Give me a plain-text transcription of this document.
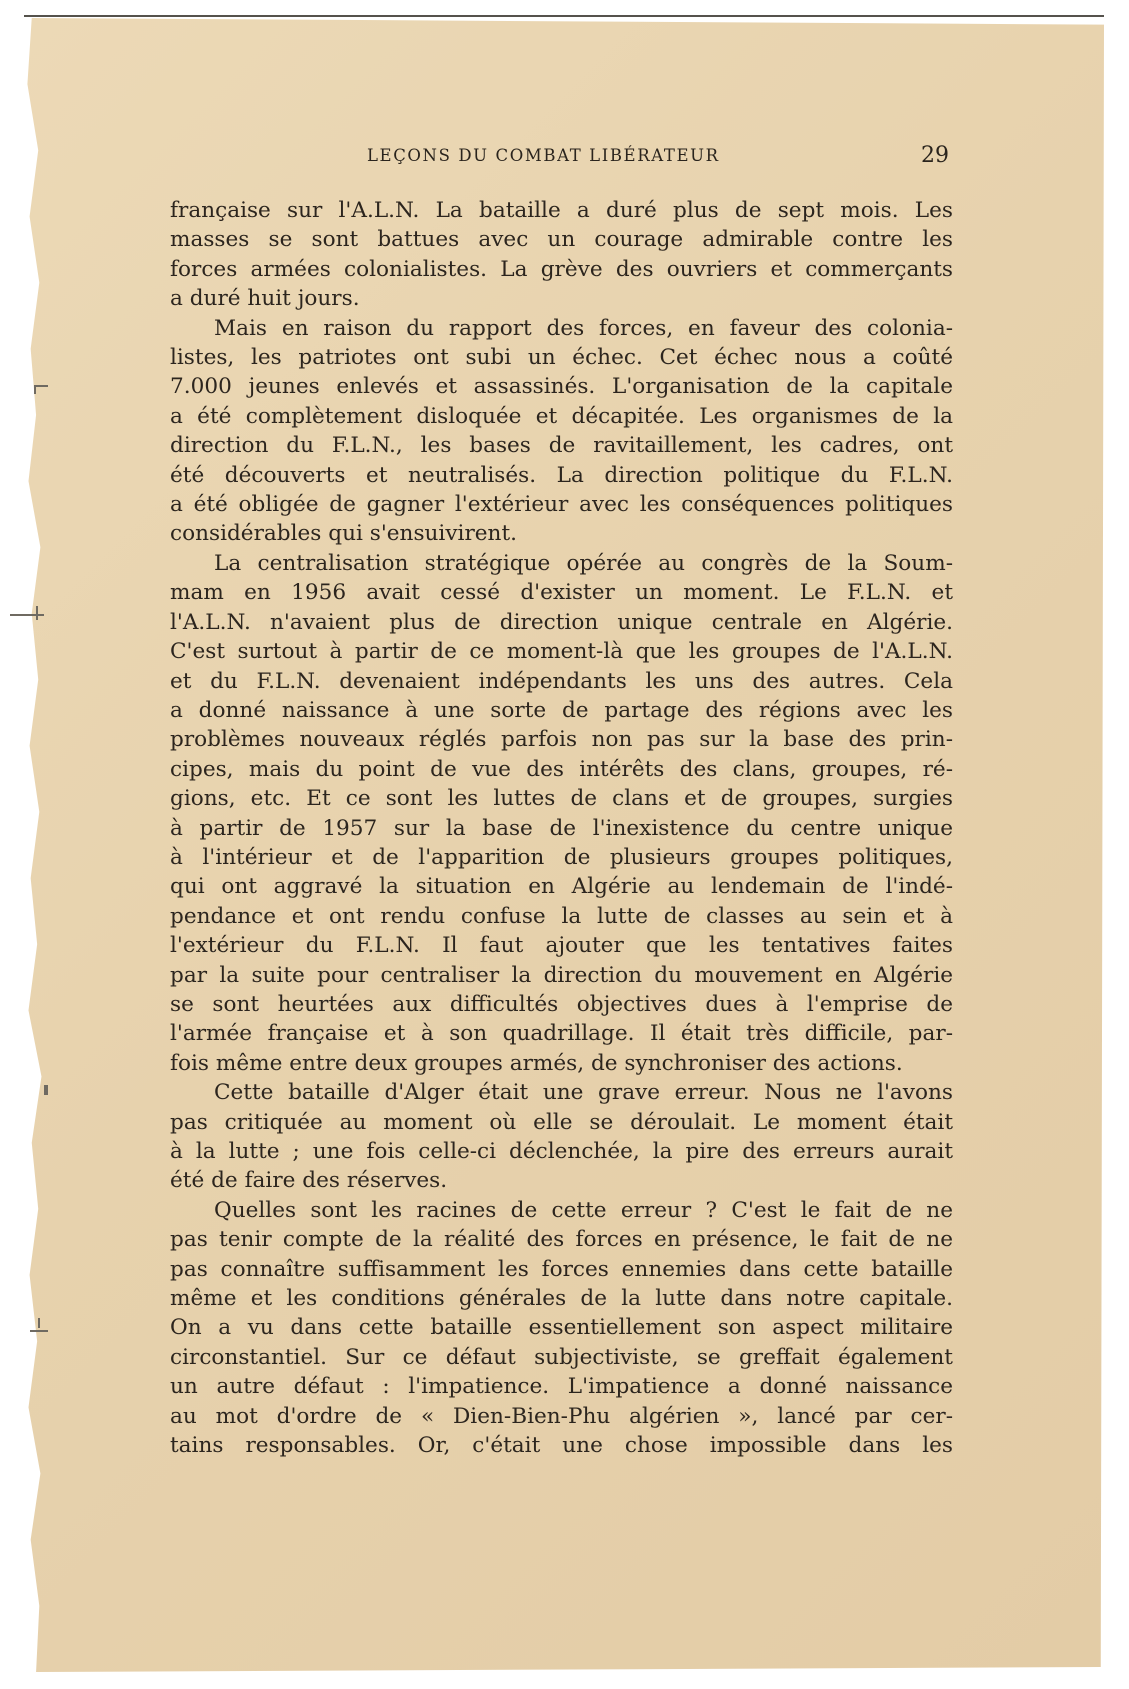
LEÇONS DU COMBAT LIBÉRATEUR	29
française sur l'A.L.N. La bataille a duré plus de sept mois. Les
masses se sont battues avec un courage admirable contre les
forces armées colonialistes. La grève des ouvriers et commerçants
a duré huit jours.
Mais en raison du rapport des forces, en faveur des colonia-
listes, les patriotes ont subi un échec. Cet échec nous a coûté
7.000 jeunes enlevés et assassinés. L'organisation de la capitale
a été complètement disloquée et décapitée. Les organismes de la
direction du F.L.N., les bases de ravitaillement, les cadres, ont
été découverts et neutralisés. La direction politique du F.L.N.
a été obligée de gagner l'extérieur avec les conséquences politiques
considérables qui s'ensuivirent.
La centralisation stratégique opérée au congrès de la Soum-
mam en 1956 avait cessé d'exister un moment. Le F.L.N. et
l'A.L.N. n'avaient plus de direction unique centrale en Algérie.
C'est surtout à partir de ce moment-là que les groupes de l'A.L.N.
et du F.L.N. devenaient indépendants les uns des autres. Cela
a donné naissance à une sorte de partage des régions avec les
problèmes nouveaux réglés parfois non pas sur la base des prin-
cipes, mais du point de vue des intérêts des clans, groupes, ré-
gions, etc. Et ce sont les luttes de clans et de groupes, surgies
à partir de 1957 sur la base de l'inexistence du centre unique
à l'intérieur et de l'apparition de plusieurs groupes politiques,
qui ont aggravé la situation en Algérie au lendemain de l'indé-
pendance et ont rendu confuse la lutte de classes au sein et à
l'extérieur du F.L.N. Il faut ajouter que les tentatives faites
par la suite pour centraliser la direction du mouvement en Algérie
se sont heurtées aux difficultés objectives dues à l'emprise de
l'armée française et à son quadrillage. Il était très difficile, par-
fois même entre deux groupes armés, de synchroniser des actions.
Cette bataille d'Alger était une grave erreur. Nous ne l'avons
pas critiquée au moment où elle se déroulait. Le moment était
à la lutte ; une fois celle-ci déclenchée, la pire des erreurs aurait
été de faire des réserves.
Quelles sont les racines de cette erreur ? C'est le fait de ne
pas tenir compte de la réalité des forces en présence, le fait de ne
pas connaître suffisamment les forces ennemies dans cette bataille
même et les conditions générales de la lutte dans notre capitale.
On a vu dans cette bataille essentiellement son aspect militaire
circonstantiel. Sur ce défaut subjectiviste, se greffait également
un autre défaut : l'impatience. L'impatience a donné naissance
au mot d'ordre de « Dien-Bien-Phu algérien », lancé par cer-
tains responsables. Or, c'était une chose impossible dans les
